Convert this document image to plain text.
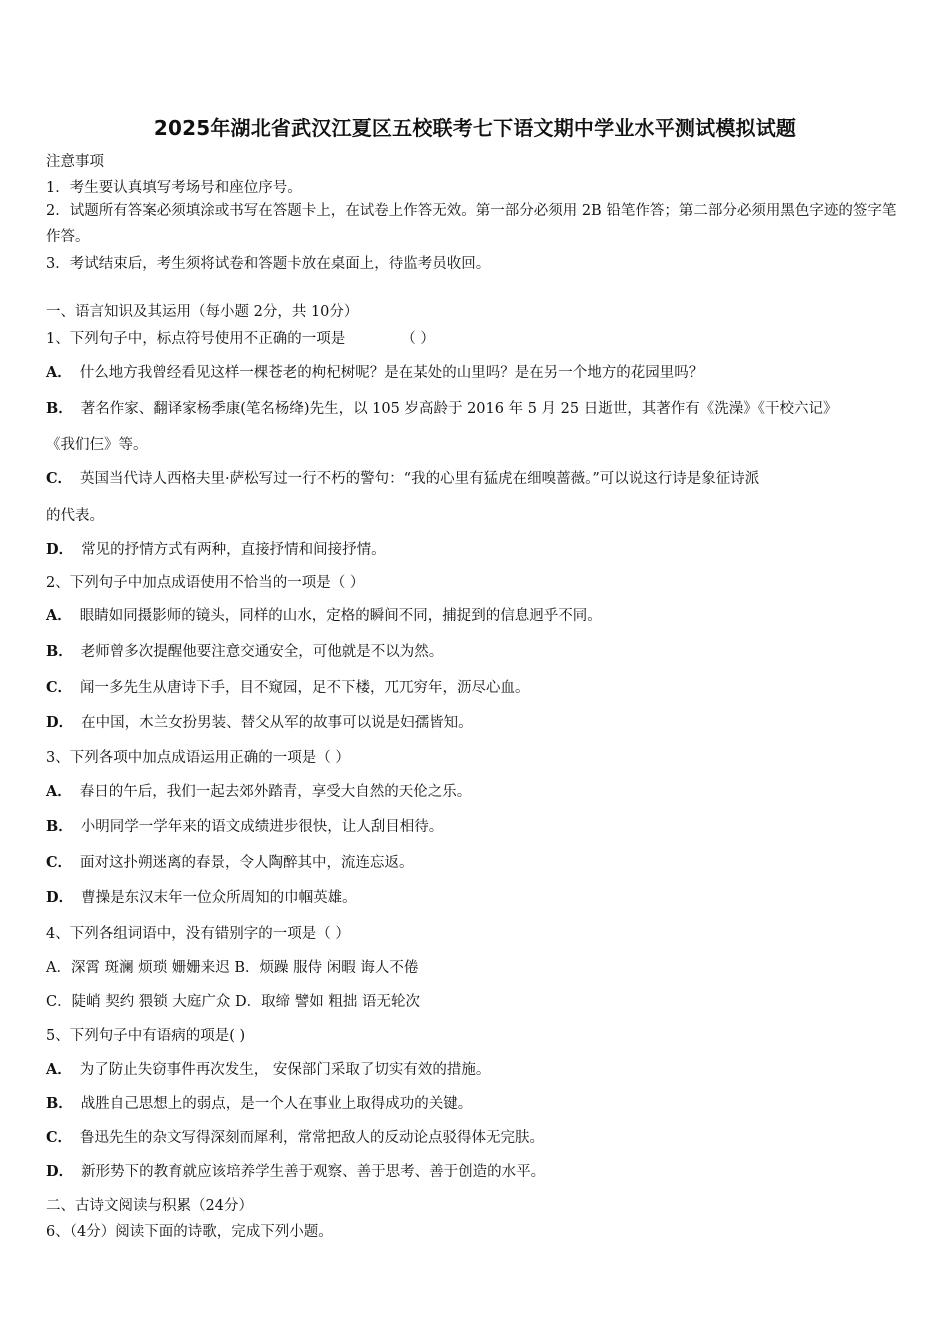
2025年湖北省武汉江夏区五校联考七下语文期中学业水平测试模拟试题
注意事项
1．考生要认真填写考场号和座位序号。
2．试题所有答案必须填涂或书写在答题卡上，在试卷上作答无效。第一部分必须用 2B 铅笔作答；第二部分必须用黑色字迹的签字笔作答。
3．考试结束后，考生须将试卷和答题卡放在桌面上，待监考员收回。
一、语言知识及其运用（每小题 2分，共 10分）
1、下列句子中，标点符号使用不正确的一项是	（ ）
A． 什么地方我曾经看见这样一棵苍老的枸杞树呢？是在某处的山里吗？是在另一个地方的花园里吗？
B． 著名作家、翻译家杨季康(笔名杨绛)先生，以 105 岁高龄于 2016 年 5 月 25 日逝世，其著作有《洗澡》《干校六记》
《我们仨》等。
C． 英国当代诗人西格夫里·萨松写过一行不朽的警句：“我的心里有猛虎在细嗅蔷薇。”可以说这行诗是象征诗派
的代表。
D． 常见的抒情方式有两种，直接抒情和间接抒情。
2、下列句子中加点成语使用不恰当的一项是（ ）
A． 眼睛如同摄影师的镜头，同样的山水，定格的瞬间不同，捕捉到的信息迥乎不同。
B． 老师曾多次提醒他要注意交通安全，可他就是不以为然。
C． 闻一多先生从唐诗下手，目不窥园，足不下楼，兀兀穷年，沥尽心血。
D． 在中国，木兰女扮男装、替父从军的故事可以说是妇孺皆知。
3、下列各项中加点成语运用正确的一项是（ ）
A． 春日的午后，我们一起去郊外踏青，享受大自然的天伦之乐。
B． 小明同学一学年来的语文成绩进步很快，让人刮目相待。
C． 面对这扑朔迷离的春景，令人陶醉其中，流连忘返。
D． 曹操是东汉末年一位众所周知的巾帼英雄。
4、下列各组词语中，没有错别字的一项是（ ）
A．深霄 斑澜 烦琐 姗姗来迟 B．烦躁 服侍 闲暇 诲人不倦
C．陡峭 契约 猥锁 大庭广众 D．取缔 譬如 粗拙 语无轮次
5、下列句子中有语病的项是( )
A． 为了防止失窃事件再次发生， 安保部门采取了切实有效的措施。
B． 战胜自己思想上的弱点，是一个人在事业上取得成功的关键。
C． 鲁迅先生的杂文写得深刻而犀利，常常把敌人的反动论点驳得体无完肤。
D． 新形势下的教育就应该培养学生善于观察、善于思考、善于创造的水平。
二、古诗文阅读与积累（24分）
6、（4分）阅读下面的诗歌，完成下列小题。
